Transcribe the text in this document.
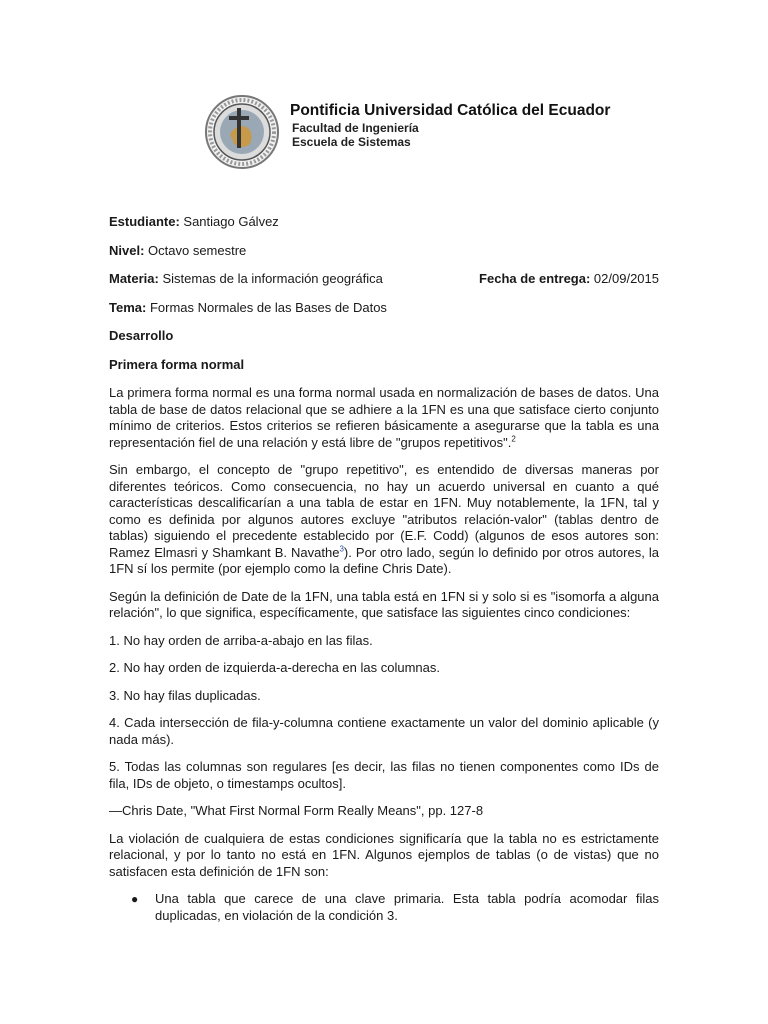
Pontificia Universidad Católica del Ecuador
Facultad de Ingeniería
Escuela de Sistemas
Estudiante: Santiago Gálvez
Nivel: Octavo semestre
Materia: Sistemas de la información geográfica	Fecha de entrega: 02/09/2015
Tema: Formas Normales de las Bases de Datos
Desarrollo
Primera forma normal

La primera forma normal es una forma normal usada en normalización de bases de datos. Una tabla de base de datos relacional que se adhiere a la 1FN es una que satisface cierto conjunto mínimo de criterios. Estos criterios se refieren básicamente a asegurarse que la tabla es una representación fiel de una relación y está libre de "grupos repetitivos".$^2$

Sin embargo, el concepto de "grupo repetitivo", es entendido de diversas maneras por diferentes teóricos. Como consecuencia, no hay un acuerdo universal en cuanto a qué características descalificarían a una tabla de estar en 1FN. Muy notablemente, la 1FN, tal y como es definida por algunos autores excluye "atributos relación-valor" (tablas dentro de tablas) siguiendo el precedente establecido por (E.F. Codd) (algunos de esos autores son: Ramez Elmasri y Shamkant B. Navathe$^3$). Por otro lado, según lo definido por otros autores, la 1FN sí los permite (por ejemplo como la define Chris Date).

Según la definición de Date de la 1FN, una tabla está en 1FN si y solo si es "isomorfa a alguna relación", lo que significa, específicamente, que satisface las siguientes cinco condiciones:

1. No hay orden de arriba-a-abajo en las filas.

2. No hay orden de izquierda-a-derecha en las columnas.

3. No hay filas duplicadas.

4. Cada intersección de fila-y-columna contiene exactamente un valor del dominio aplicable (y nada más).

5. Todas las columnas son regulares [es decir, las filas no tienen componentes como IDs de fila, IDs de objeto, o timestamps ocultos].

—Chris Date, "What First Normal Form Really Means", pp. 127-8

La violación de cualquiera de estas condiciones significaría que la tabla no es estrictamente relacional, y por lo tanto no está en 1FN. Algunos ejemplos de tablas (o de vistas) que no satisfacen esta definición de 1FN son:

● Una tabla que carece de una clave primaria. Esta tabla podría acomodar filas duplicadas, en violación de la condición 3.
